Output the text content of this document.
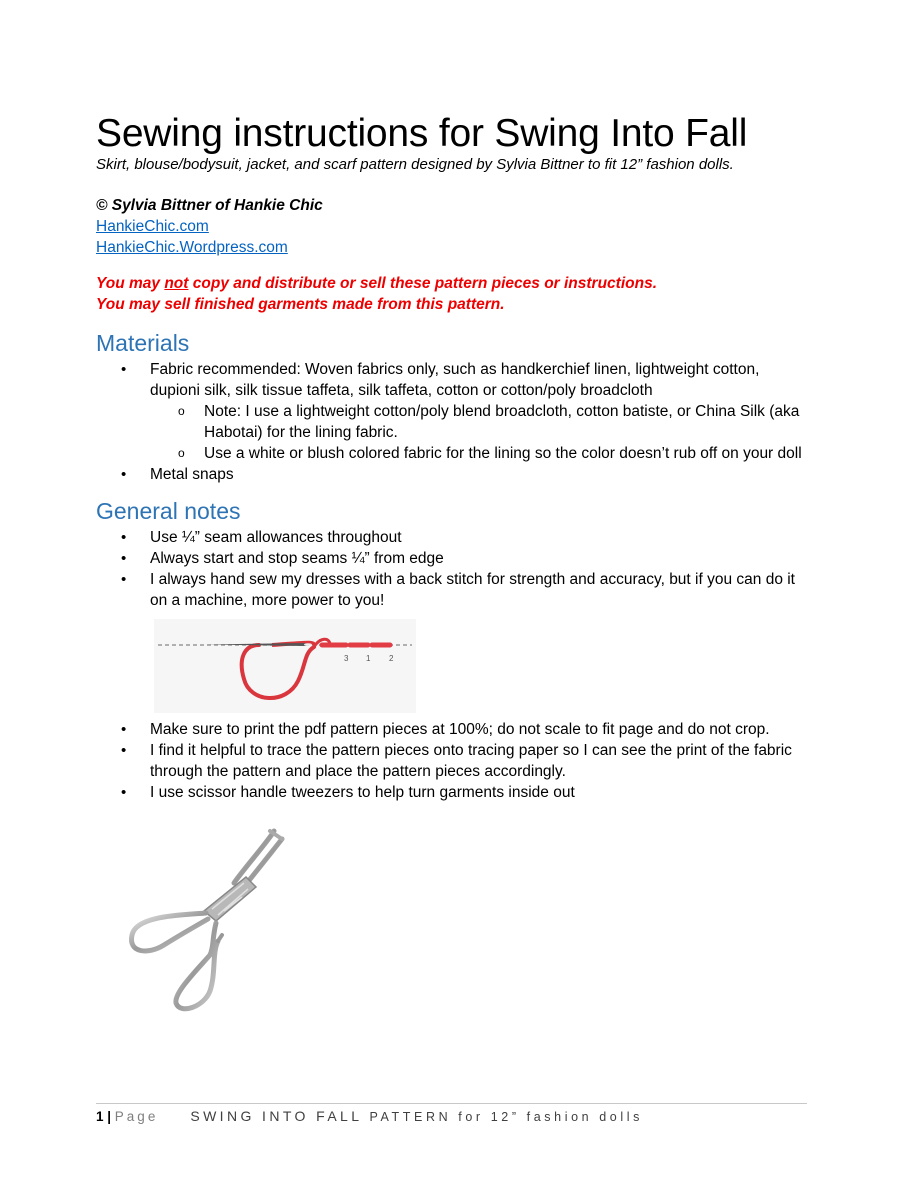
Sewing instructions for Swing Into Fall

Skirt, blouse/bodysuit, jacket, and scarf pattern designed by Sylvia Bittner to fit 12” fashion dolls.

© Sylvia Bittner of Hankie Chic
HankieChic.com
HankieChic.Wordpress.com
You may not copy and distribute or sell these pattern pieces or instructions.
You may sell finished garments made from this pattern.
Materials
• Fabric recommended: Woven fabrics only, such as handkerchief linen, lightweight cotton, dupioni silk, silk tissue taffeta, silk taffeta, cotton or cotton/poly broadcloth
o Note: I use a lightweight cotton/poly blend broadcloth, cotton batiste, or China Silk (aka Habotai) for the lining fabric.
o Use a white or blush colored fabric for the lining so the color doesn’t rub off on your doll
• Metal snaps
General notes
• Use ¼” seam allowances throughout
• Always start and stop seams ¼” from edge
• I always hand sew my dresses with a back stitch for strength and accuracy, but if you can do it on a machine, more power to you!
3 1 2
• Make sure to print the pdf pattern pieces at 100%; do not scale to fit page and do not crop.
• I find it helpful to trace the pattern pieces onto tracing paper so I can see the print of the fabric through the pattern and place the pattern pieces accordingly.
• I use scissor handle tweezers to help turn garments inside out
1 | Page SWING INTO FALL PATTERN for 12” fashion dolls
